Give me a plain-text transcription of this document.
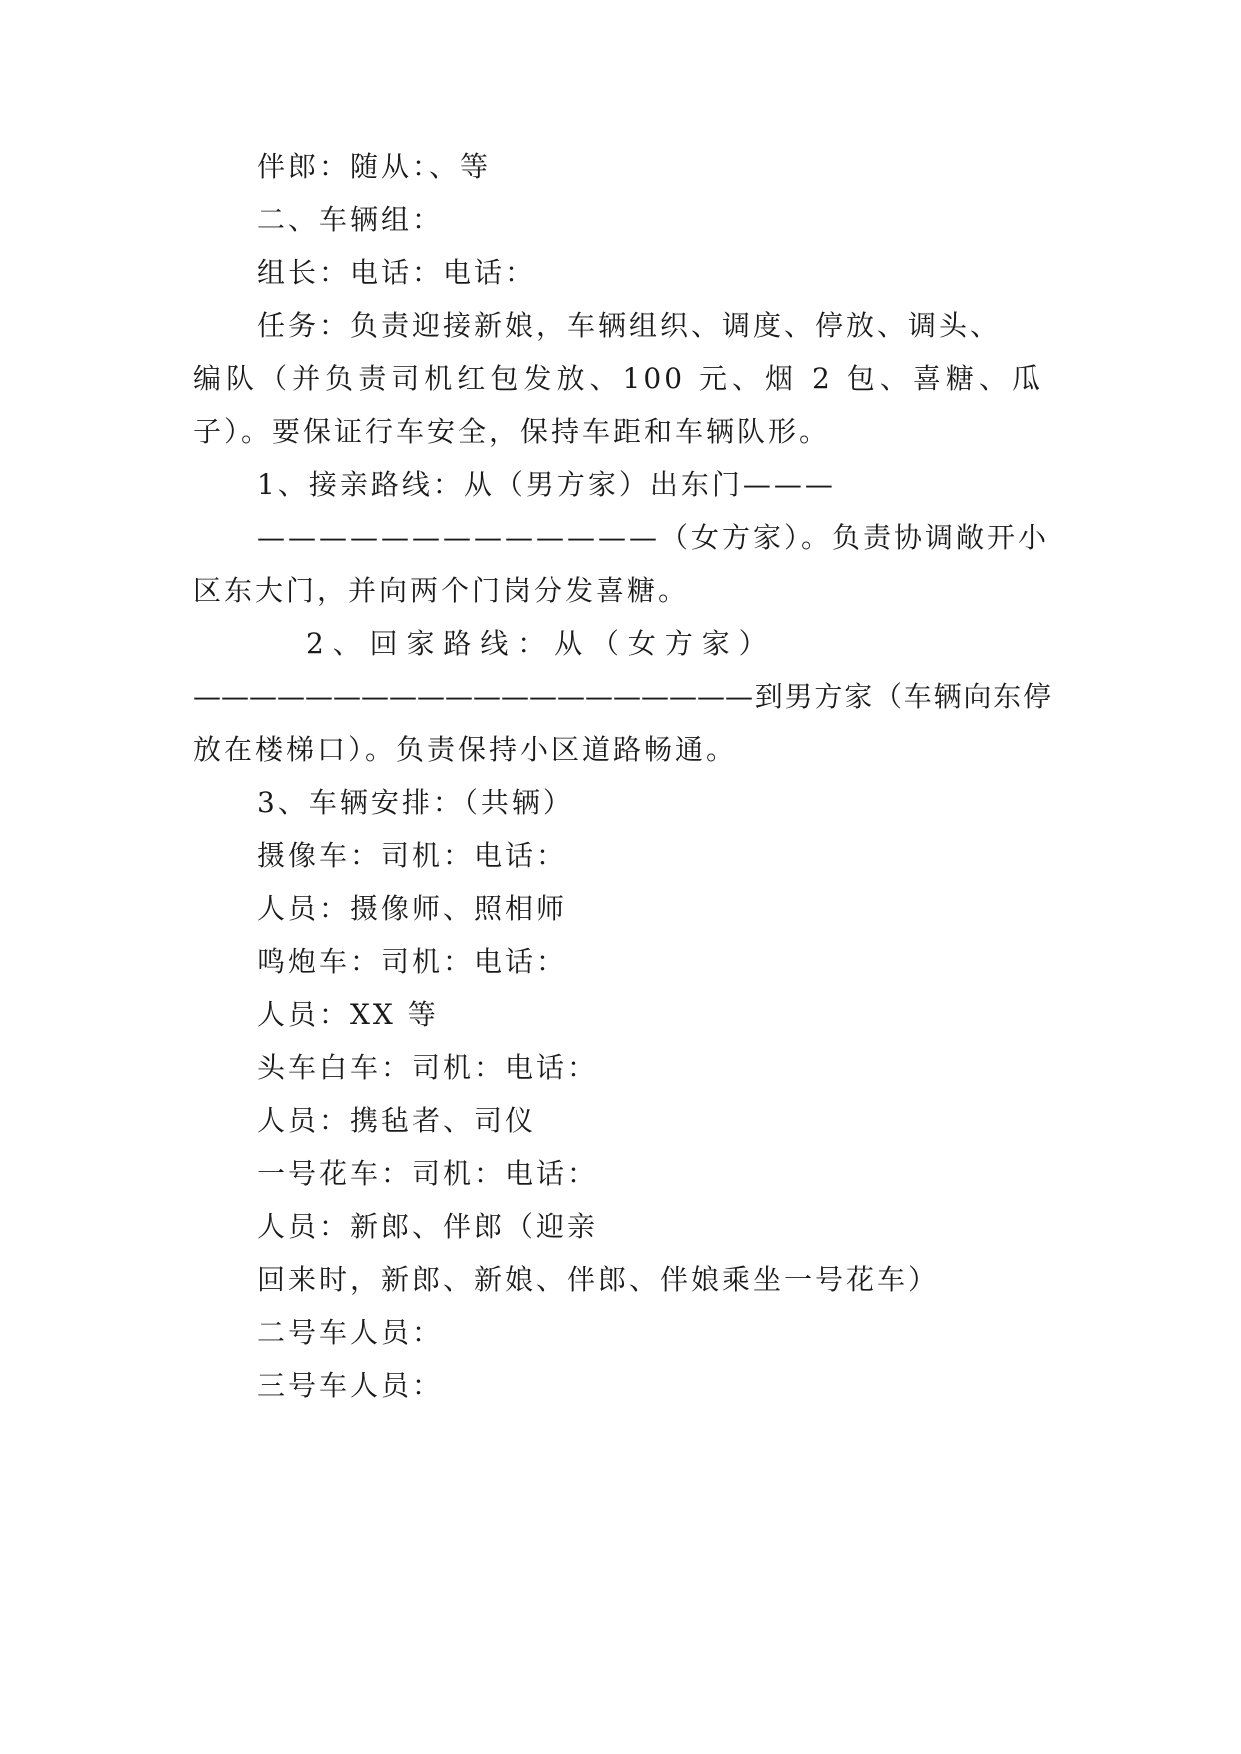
伴郎：随从：、等
二、车辆组：
组长：电话：电话：
任务：负责迎接新娘，车辆组织、调度、停放、调头、
编队（并负责司机红包发放、100 元、烟 2 包、喜糖、瓜
子）。要保证行车安全，保持车距和车辆队形。
1、接亲路线：从（男方家）出东门———
—————————————（女方家）。负责协调敞开小
区东大门，并向两个门岗分发喜糖。
2 、 回 家 路 线 ： 从 （ 女 方 家 ）
————————————————————到男方家（车辆向东停
放在楼梯口）。负责保持小区道路畅通。
3、车辆安排：（共辆）
摄像车：司机：电话：
人员：摄像师、照相师
鸣炮车：司机：电话：
人员：XX 等
头车白车：司机：电话：
人员：携毡者、司仪
一号花车：司机：电话：
人员：新郎、伴郎（迎亲
回来时，新郎、新娘、伴郎、伴娘乘坐一号花车）
二号车人员：
三号车人员：
